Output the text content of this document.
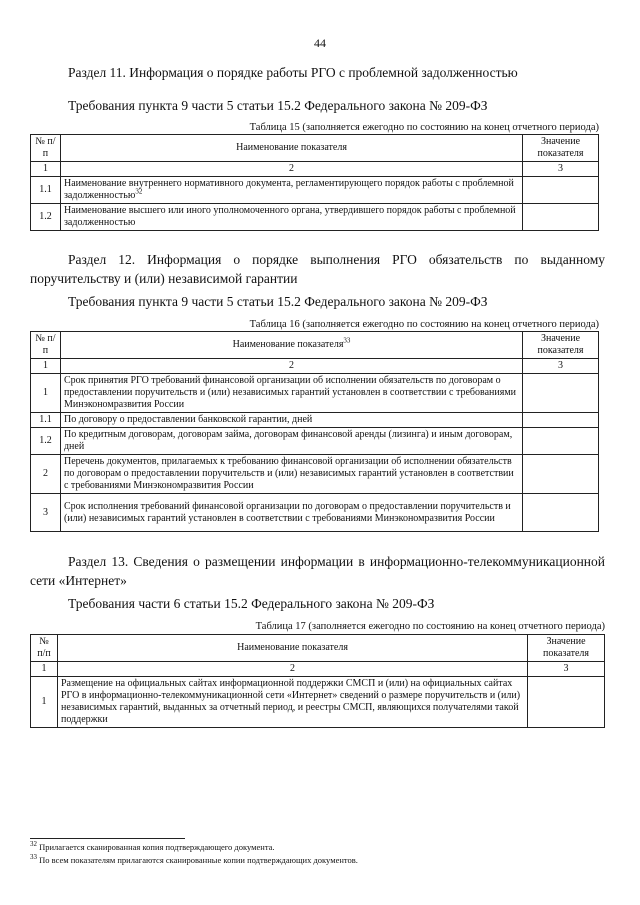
44
Раздел 11. Информация о порядке работы РГО с проблемной задолженностью
Требования пункта 9 части 5 статьи 15.2 Федерального закона № 209-ФЗ
Таблица 15 (заполняется ежегодно по состоянию на конец отчетного периода)
№ п/п	Наименование показателя	Значение показателя
1	2	3
1.1	Наименование внутреннего нормативного документа, регламентирующего порядок работы с проблемной задолженностью$^{32}$	
1.2	Наименование высшего или иного уполномоченного органа, утвердившего порядок работы с проблемной задолженностью	
Раздел 12. Информация о порядке выполнения РГО обязательств по выданному поручительству и (или) независимой гарантии
Требования пункта 9 части 5 статьи 15.2 Федерального закона № 209-ФЗ
Таблица 16 (заполняется ежегодно по состоянию на конец отчетного периода)
№ п/п	Наименование показателя$^{33}$	Значение показателя
1	2	3
1	Срок принятия РГО требований финансовой организации об исполнении обязательств по договорам о предоставлении поручительств и (или) независимых гарантий установлен в соответствии с требованиями Минэкономразвития России	
1.1	По договору о предоставлении банковской гарантии, дней	
1.2	По кредитным договорам, договорам займа, договорам финансовой аренды (лизинга) и иным договорам, дней	
2	Перечень документов, прилагаемых к требованию финансовой организации об исполнении обязательств по договорам о предоставлении поручительств и (или) независимых гарантий установлен в соответствии с требованиями Минэкономразвития России	
3	Срок исполнения требований финансовой организации по договорам о предоставлении поручительств и (или) независимых гарантий установлен в соответствии с требованиями Минэкономразвития России	
Раздел 13. Сведения о размещении информации в информационно-телекоммуникационной сети «Интернет»
Требования части 6 статьи 15.2 Федерального закона № 209-ФЗ
Таблица 17 (заполняется ежегодно по состоянию на конец отчетного периода)
№ п/п	Наименование показателя	Значение показателя
1	2	3
1	Размещение на официальных сайтах информационной поддержки СМСП и (или) на официальных сайтах РГО в информационно-телекоммуникационной сети «Интернет» сведений о размере поручительств и (или) независимых гарантий, выданных за отчетный период, и реестры СМСП, являющихся получателями такой поддержки	
$^{32}$ Прилагается сканированная копия подтверждающего документа.
$^{33}$ По всем показателям прилагаются сканированные копии подтверждающих документов.
